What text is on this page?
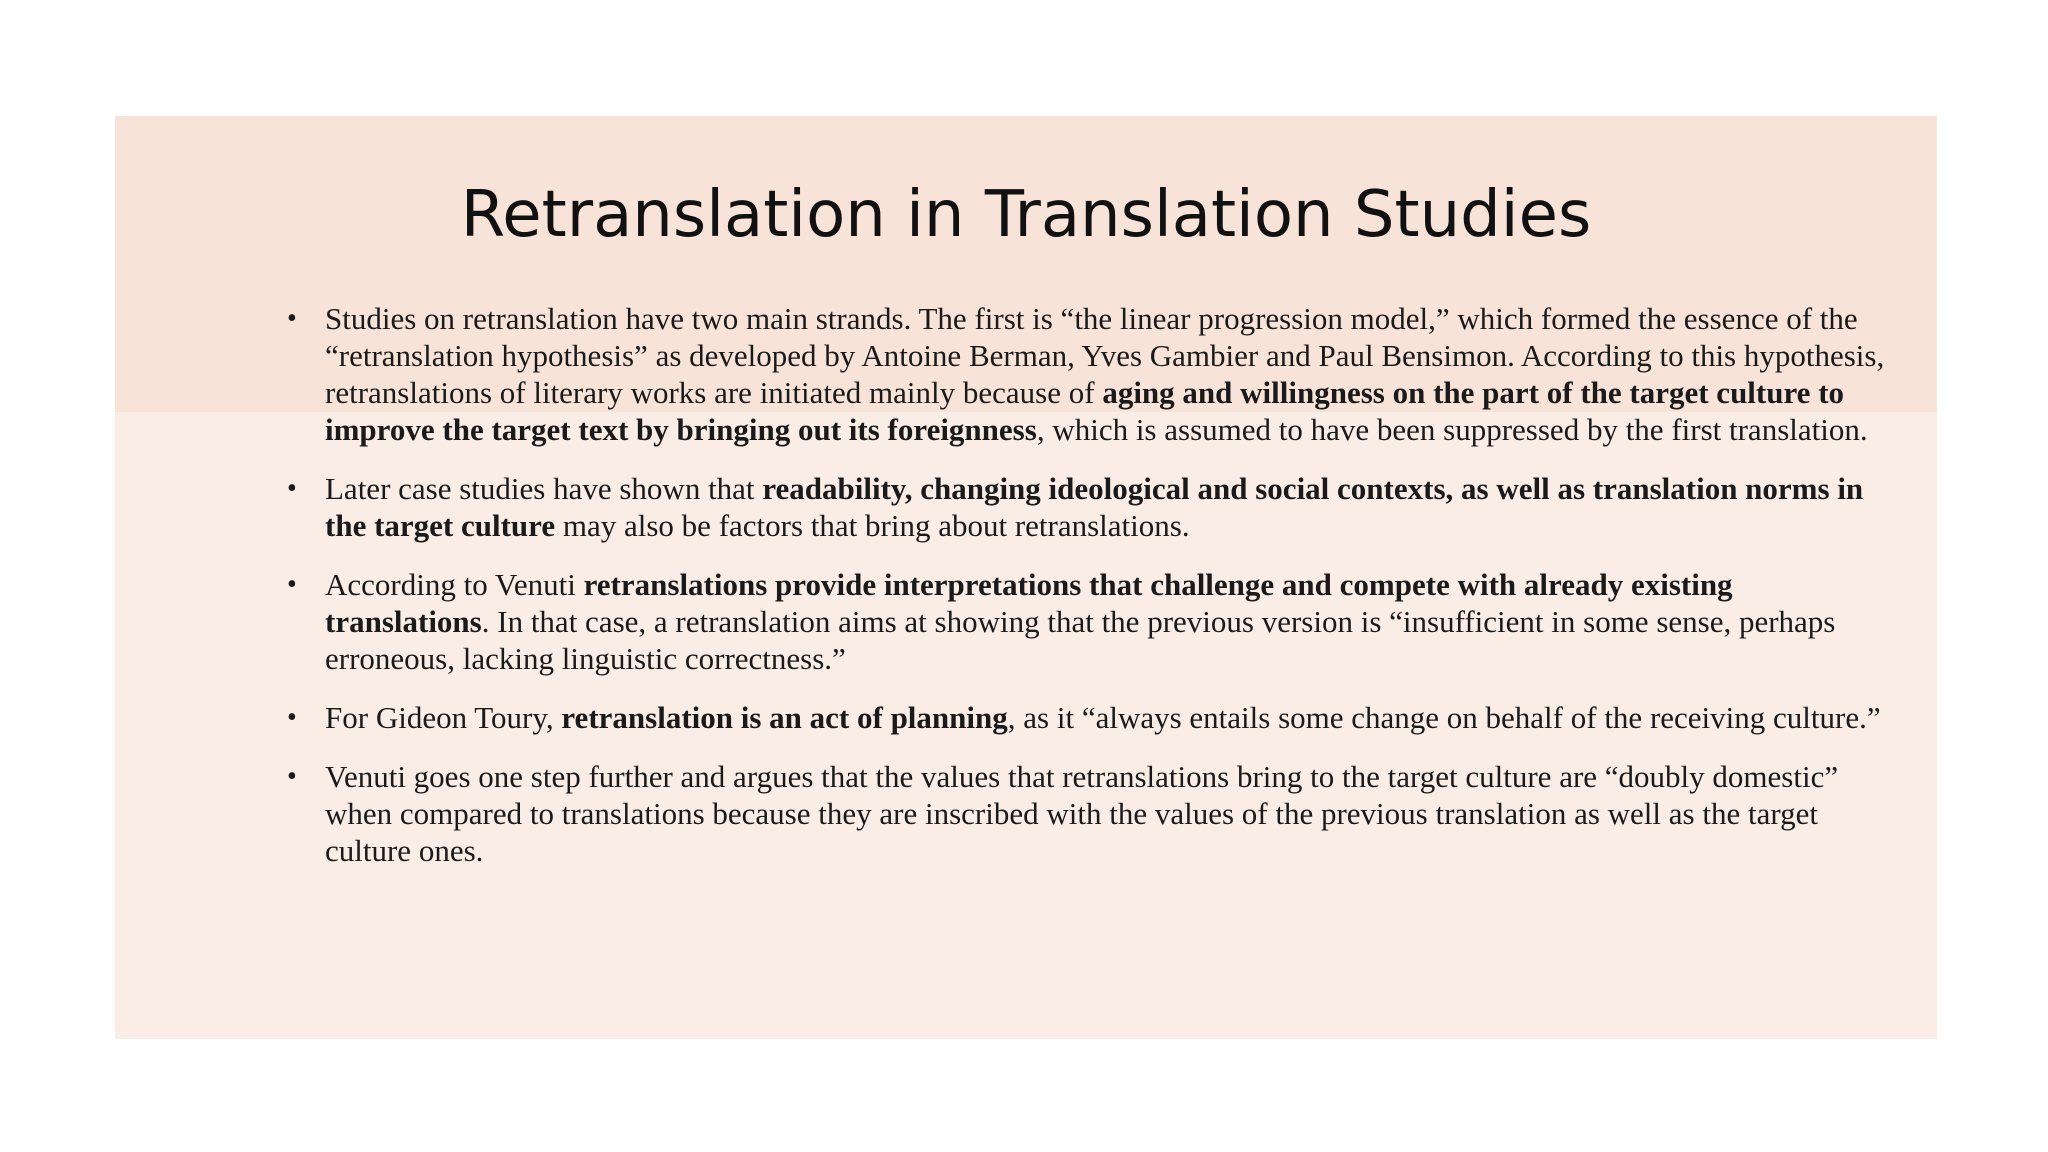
Retranslation in Translation Studies
• Studies on retranslation have two main strands. The first is “the linear progression model,” which formed the essence of the “retranslation hypothesis” as developed by Antoine Berman, Yves Gambier and Paul Bensimon. According to this hypothesis, retranslations of literary works are initiated mainly because of aging and willingness on the part of the target culture to improve the target text by bringing out its foreignness, which is assumed to have been suppressed by the first translation.
• Later case studies have shown that readability, changing ideological and social contexts, as well as translation norms in the target culture may also be factors that bring about retranslations.
• According to Venuti retranslations provide interpretations that challenge and compete with already existing translations. In that case, a retranslation aims at showing that the previous version is “insufficient in some sense, perhaps erroneous, lacking linguistic correctness.”
• For Gideon Toury, retranslation is an act of planning, as it “always entails some change on behalf of the receiving culture.”
• Venuti goes one step further and argues that the values that retranslations bring to the target culture are “doubly domestic” when compared to translations because they are inscribed with the values of the previous translation as well as the target culture ones.
